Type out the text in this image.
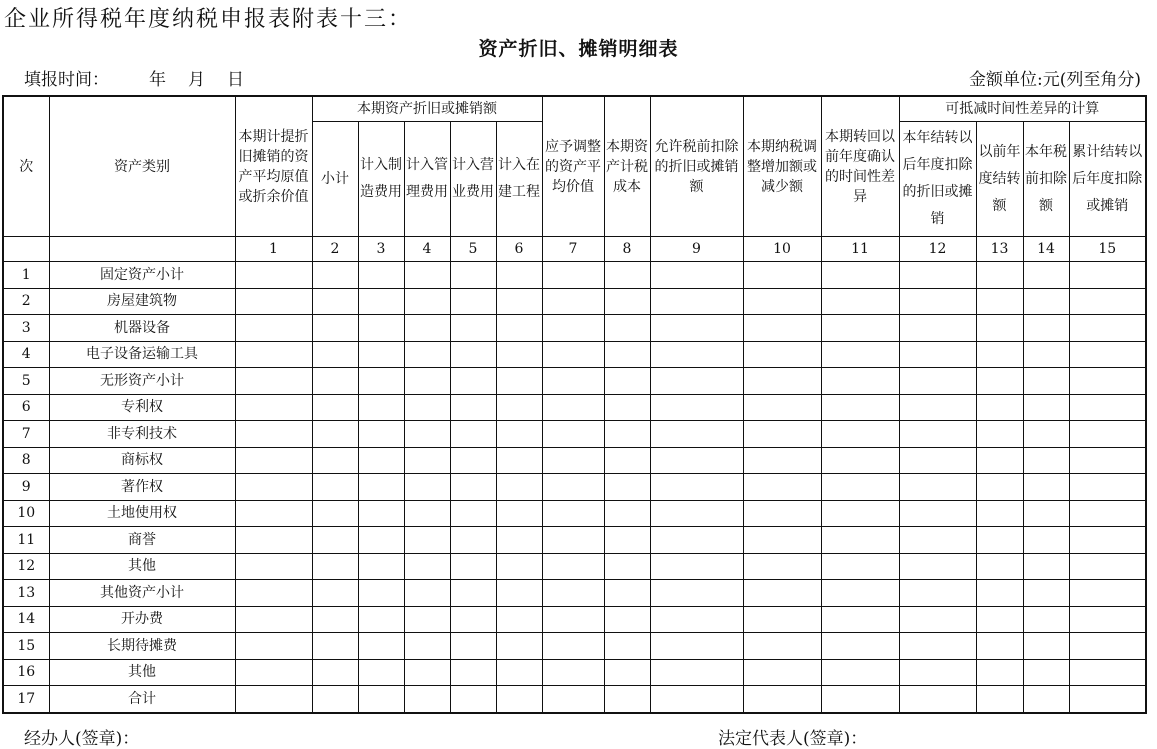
企业所得税年度纳税申报表附表十三：
资产折旧、摊销明细表
填报时间： 年 月 日	金额单位:元(列至角分)
次	资产类别	本期计提折旧摊销的资产平均原值或折余价值	本期资产折旧或摊销额					应予调整的资产平均价值	本期资产计税成本	允许税前扣除的折旧或摊销额	本期纳税调整增加额或减少额	本期转回以前年度确认的时间性差异	可抵减时间性差异的计算			
			小计	计入制造费用	计入管理费用	计入营业费用	计入在建工程						本年结转以后年度扣除的折旧或摊销	以前年度结转额	本年税前扣除额	累计结转以后年度扣除或摊销
		1	2	3	4	5	6	7	8	9	10	11	12	13	14	15
1	固定资产小计															
2	房屋建筑物															
3	机器设备															
4	电子设备运输工具															
5	无形资产小计															
6	专利权															
7	非专利技术															
8	商标权															
9	著作权															
10	土地使用权															
11	商誉															
12	其他															
13	其他资产小计															
14	开办费															
15	长期待摊费															
16	其他															
17	合计															
经办人(签章)：	法定代表人(签章)：
